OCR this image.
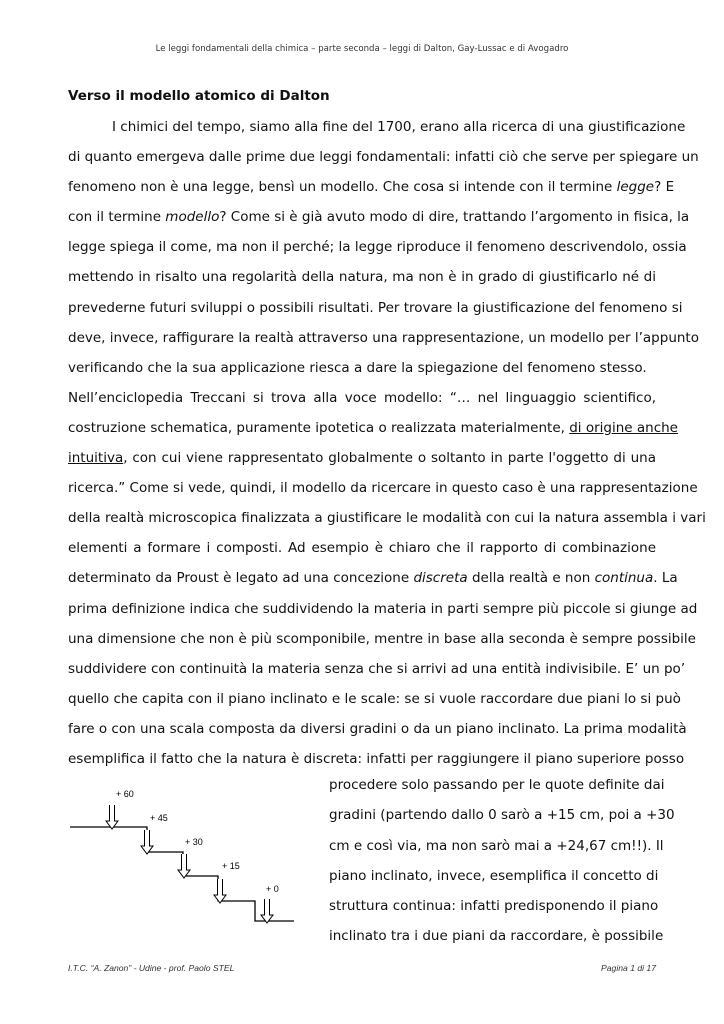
Le leggi fondamentali della chimica – parte seconda – leggi di Dalton, Gay-Lussac e di Avogadro
Verso il modello atomico di Dalton
I chimici del tempo, siamo alla fine del 1700, erano alla ricerca di una giustificazione
di quanto emergeva dalle prime due leggi fondamentali: infatti ciò che serve per spiegare un
fenomeno non è una legge, bensì un modello. Che cosa si intende con il termine legge? E
con il termine modello? Come si è già avuto modo di dire, trattando l’argomento in fisica, la
legge spiega il come, ma non il perché; la legge riproduce il fenomeno descrivendolo, ossia
mettendo in risalto una regolarità della natura, ma non è in grado di giustificarlo né di
prevederne futuri sviluppi o possibili risultati. Per trovare la giustificazione del fenomeno si
deve, invece, raffigurare la realtà attraverso una rappresentazione, un modello per l’appunto
verificando che la sua applicazione riesca a dare la spiegazione del fenomeno stesso.
Nell’enciclopedia Treccani si trova alla voce modello: “… nel linguaggio scientifico,
costruzione schematica, puramente ipotetica o realizzata materialmente, di origine anche
intuitiva, con cui viene rappresentato globalmente o soltanto in parte l'oggetto di una
ricerca.” Come si vede, quindi, il modello da ricercare in questo caso è una rappresentazione
della realtà microscopica finalizzata a giustificare le modalità con cui la natura assembla i vari
elementi a formare i composti. Ad esempio è chiaro che il rapporto di combinazione
determinato da Proust è legato ad una concezione discreta della realtà e non continua. La
prima definizione indica che suddividendo la materia in parti sempre più piccole si giunge ad
una dimensione che non è più scomponibile, mentre in base alla seconda è sempre possibile
suddividere con continuità la materia senza che si arrivi ad una entità indivisibile. E’ un po’
quello che capita con il piano inclinato e le scale: se si vuole raccordare due piani lo si può
fare o con una scala composta da diversi gradini o da un piano inclinato. La prima modalità
esemplifica il fatto che la natura è discreta: infatti per raggiungere il piano superiore posso
+ 60
+ 45
+ 30
+ 15
+ 0
procedere solo passando per le quote definite dai
gradini (partendo dallo 0 sarò a +15 cm, poi a +30
cm e così via, ma non sarò mai a +24,67 cm!!). Il
piano inclinato, invece, esemplifica il concetto di
struttura continua: infatti predisponendo il piano
inclinato tra i due piani da raccordare, è possibile
I.T.C. “A. Zanon” - Udine - prof. Paolo STEL	Pagina 1 di 17
